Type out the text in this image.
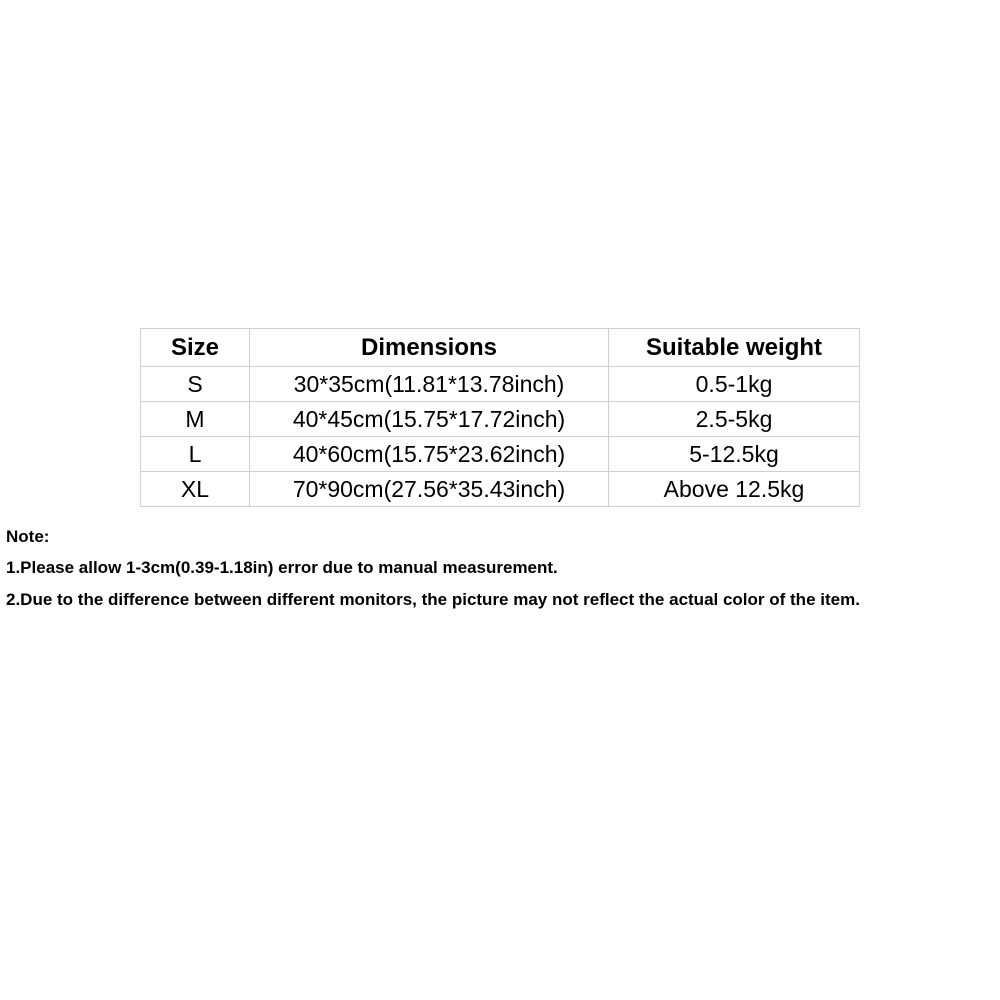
Size	Dimensions	Suitable weight
S	30*35cm(11.81*13.78inch)	0.5-1kg
M	40*45cm(15.75*17.72inch)	2.5-5kg
L	40*60cm(15.75*23.62inch)	5-12.5kg
XL	70*90cm(27.56*35.43inch)	Above 12.5kg
Note:
1.Please allow 1-3cm(0.39-1.18in) error due to manual measurement.
2.Due to the difference between different monitors, the picture may not reflect the actual color of the item.
